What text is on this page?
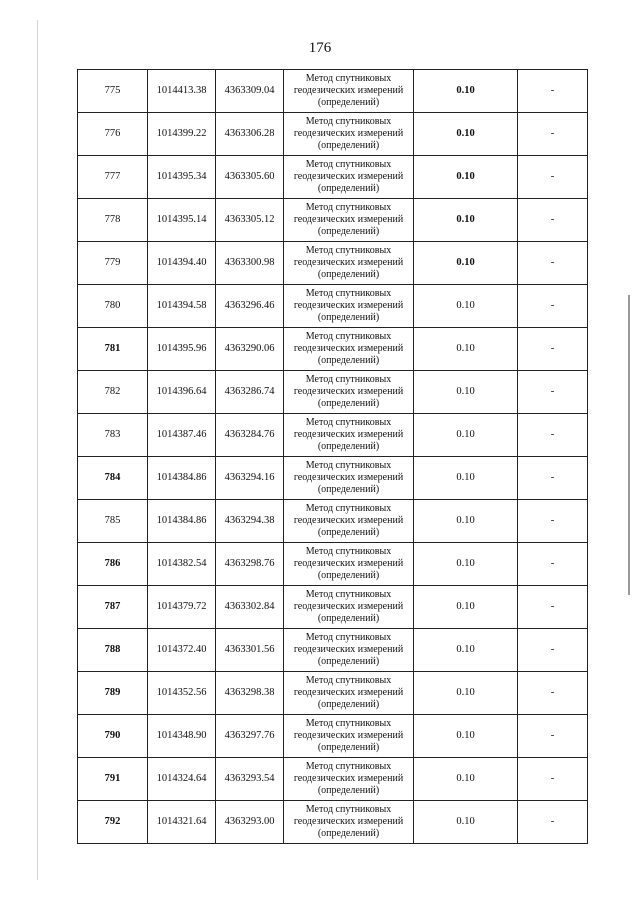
176
775	1014413.38	4363309.04	Метод спутниковых
геодезических измерений
(определений)	0.10	-
776	1014399.22	4363306.28	Метод спутниковых
геодезических измерений
(определений)	0.10	-
777	1014395.34	4363305.60	Метод спутниковых
геодезических измерений
(определений)	0.10	-
778	1014395.14	4363305.12	Метод спутниковых
геодезических измерений
(определений)	0.10	-
779	1014394.40	4363300.98	Метод спутниковых
геодезических измерений
(определений)	0.10	-
780	1014394.58	4363296.46	Метод спутниковых
геодезических измерений
(определений)	0.10	-
781	1014395.96	4363290.06	Метод спутниковых
геодезических измерений
(определений)	0.10	-
782	1014396.64	4363286.74	Метод спутниковых
геодезических измерений
(определений)	0.10	-
783	1014387.46	4363284.76	Метод спутниковых
геодезических измерений
(определений)	0.10	-
784	1014384.86	4363294.16	Метод спутниковых
геодезических измерений
(определений)	0.10	-
785	1014384.86	4363294.38	Метод спутниковых
геодезических измерений
(определений)	0.10	-
786	1014382.54	4363298.76	Метод спутниковых
геодезических измерений
(определений)	0.10	-
787	1014379.72	4363302.84	Метод спутниковых
геодезических измерений
(определений)	0.10	-
788	1014372.40	4363301.56	Метод спутниковых
геодезических измерений
(определений)	0.10	-
789	1014352.56	4363298.38	Метод спутниковых
геодезических измерений
(определений)	0.10	-
790	1014348.90	4363297.76	Метод спутниковых
геодезических измерений
(определений)	0.10	-
791	1014324.64	4363293.54	Метод спутниковых
геодезических измерений
(определений)	0.10	-
792	1014321.64	4363293.00	Метод спутниковых
геодезических измерений
(определений)	0.10	-
